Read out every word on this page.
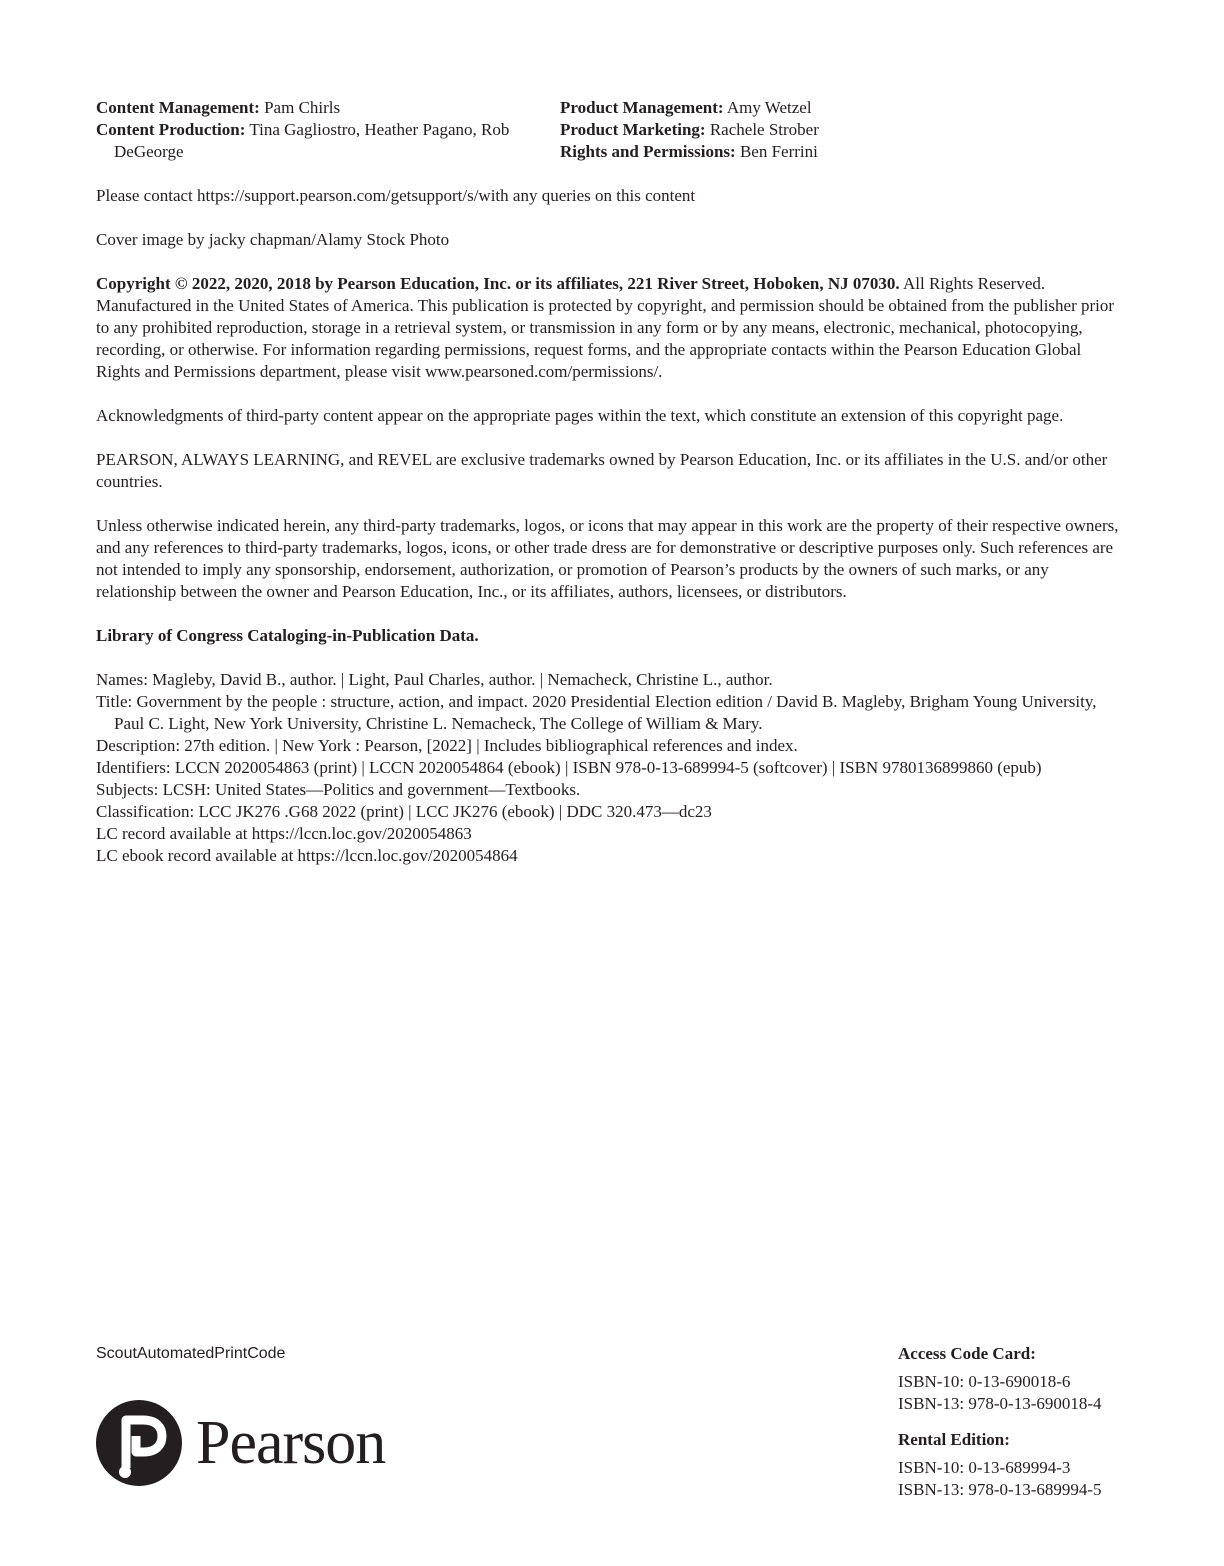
Content Management: Pam Chirls
Content Production: Tina Gagliostro, Heather Pagano, Rob DeGeorge
Product Management: Amy Wetzel
Product Marketing: Rachele Strober
Rights and Permissions: Ben Ferrini

Please contact https://support.pearson.com/getsupport/s/with any queries on this content

Cover image by jacky chapman/Alamy Stock Photo

Copyright © 2022, 2020, 2018 by Pearson Education, Inc. or its affiliates, 221 River Street, Hoboken, NJ 07030. All Rights Reserved. Manufactured in the United States of America. This publication is protected by copyright, and permission should be obtained from the publisher prior to any prohibited reproduction, storage in a retrieval system, or transmission in any form or by any means, electronic, mechanical, photocopying, recording, or otherwise. For information regarding permissions, request forms, and the appropriate contacts within the Pearson Education Global Rights and Permissions department, please visit www.pearsoned.com/permissions/.

Acknowledgments of third-party content appear on the appropriate pages within the text, which constitute an extension of this copyright page.

PEARSON, ALWAYS LEARNING, and REVEL are exclusive trademarks owned by Pearson Education, Inc. or its affiliates in the U.S. and/or other countries.

Unless otherwise indicated herein, any third-party trademarks, logos, or icons that may appear in this work are the property of their respective owners, and any references to third-party trademarks, logos, icons, or other trade dress are for demonstrative or descriptive purposes only. Such references are not intended to imply any sponsorship, endorsement, authorization, or promotion of Pearson’s products by the owners of such marks, or any relationship between the owner and Pearson Education, Inc., or its affiliates, authors, licensees, or distributors.

Library of Congress Cataloging-in-Publication Data.

Names: Magleby, David B., author. | Light, Paul Charles, author. | Nemacheck, Christine L., author.
Title: Government by the people : structure, action, and impact. 2020 Presidential Election edition / David B. Magleby, Brigham Young University, Paul C. Light, New York University, Christine L. Nemacheck, The College of William & Mary.
Description: 27th edition. | New York : Pearson, [2022] | Includes bibliographical references and index.
Identifiers: LCCN 2020054863 (print) | LCCN 2020054864 (ebook) | ISBN 978-0-13-689994-5 (softcover) | ISBN 9780136899860 (epub)
Subjects: LCSH: United States—Politics and government—Textbooks.
Classification: LCC JK276 .G68 2022 (print) | LCC JK276 (ebook) | DDC 320.473—dc23
LC record available at https://lccn.loc.gov/2020054863
LC ebook record available at https://lccn.loc.gov/2020054864
ScoutAutomatedPrintCode
Pearson
Access Code Card:
ISBN-10: 0-13-690018-6
ISBN-13: 978-0-13-690018-4
Rental Edition:
ISBN-10: 0-13-689994-3
ISBN-13: 978-0-13-689994-5
